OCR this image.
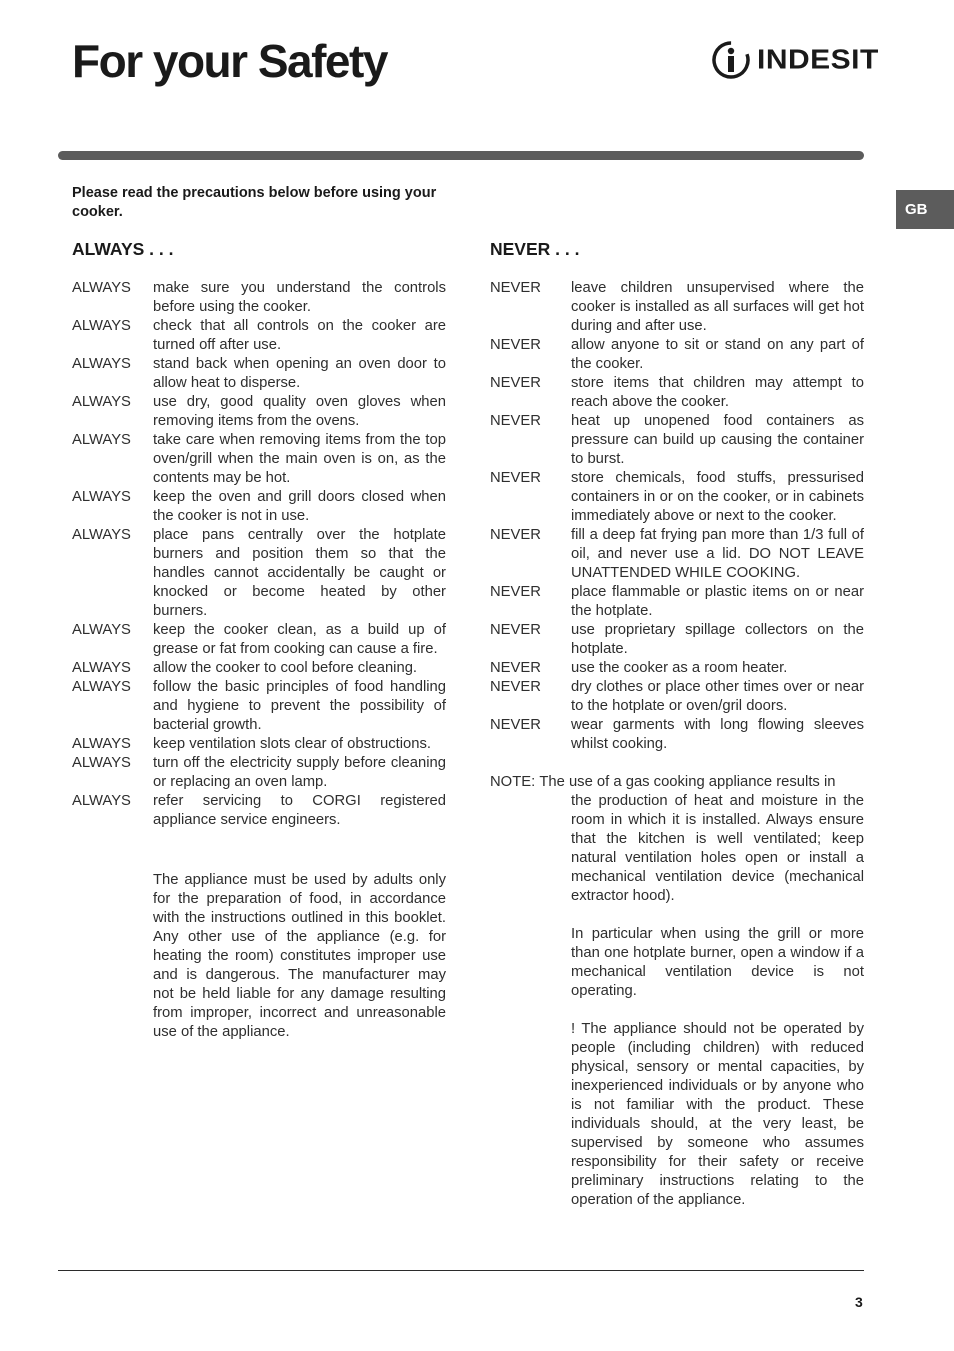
For your Safety	INDESIT
GB
Please read the precautions below before using your cooker.
ALWAYS . . .	NEVER . . .
ALWAYS	make sure you understand the controls before using the cooker.
ALWAYS	check that all controls on the cooker are turned off after use.
ALWAYS	stand back when opening an oven door to allow heat to disperse.
ALWAYS	use dry, good quality oven gloves when removing items from the ovens.
ALWAYS	take care when removing items from the top oven/grill when the main oven is on, as the contents may be hot.
ALWAYS	keep the oven and grill doors closed when the cooker is not in use.
ALWAYS	place pans centrally over the hotplate burners and position them so that the handles cannot accidentally be caught or knocked or become heated by other burners.
ALWAYS	keep the cooker clean, as a build up of grease or fat from cooking can cause a fire.
ALWAYS	allow the cooker to cool before cleaning.
ALWAYS	follow the basic principles of food handling and hygiene to prevent the possibility of bacterial growth.
ALWAYS	keep ventilation slots clear of obstructions.
ALWAYS	turn off the electricity supply before cleaning or replacing an oven lamp.
ALWAYS	refer servicing to CORGI registered appliance service engineers.
The appliance must be used by adults only for the preparation of food, in accordance with the instructions outlined in this booklet. Any other use of the appliance (e.g. for heating the room) constitutes improper use and is dangerous. The manufacturer may not be held liable for any damage resulting from improper, incorrect and unreasonable use of the appliance.
NEVER	leave children unsupervised where the cooker is installed as all surfaces will get hot during and after use.
NEVER	allow anyone to sit or stand on any part of the cooker.
NEVER	store items that children may attempt to reach above the cooker.
NEVER	heat up unopened food containers as pressure can build up causing the container to burst.
NEVER	store chemicals, food stuffs, pressurised containers in or on the cooker, or in cabinets immediately above or next to the cooker.
NEVER	fill a deep fat frying pan more than 1/3 full of oil, and never use a lid. DO NOT LEAVE UNATTENDED WHILE COOKING.
NEVER	place flammable or plastic items on or near the hotplate.
NEVER	use proprietary spillage collectors on the hotplate.
NEVER	use the cooker as a room heater.
NEVER	dry clothes or place other times over or near to the hotplate or oven/gril doors.
NEVER	wear garments with long flowing sleeves whilst cooking.
NOTE:
The use of a gas cooking appliance results in
the production of heat and moisture in the room in which it is installed. Always ensure that the kitchen is well ventilated; keep natural ventilation holes open or install a mechanical ventilation device (mechanical extractor hood).
In particular when using the grill or more than one hotplate burner, open a window if a mechanical ventilation device is not operating.
! The appliance should not be operated by people (including children) with reduced physical, sensory or mental capacities, by inexperienced individuals or by anyone who is not familiar with the product. These individuals should, at the very least, be supervised by someone who assumes responsibility for their safety or receive preliminary instructions relating to the operation of the appliance.
3
